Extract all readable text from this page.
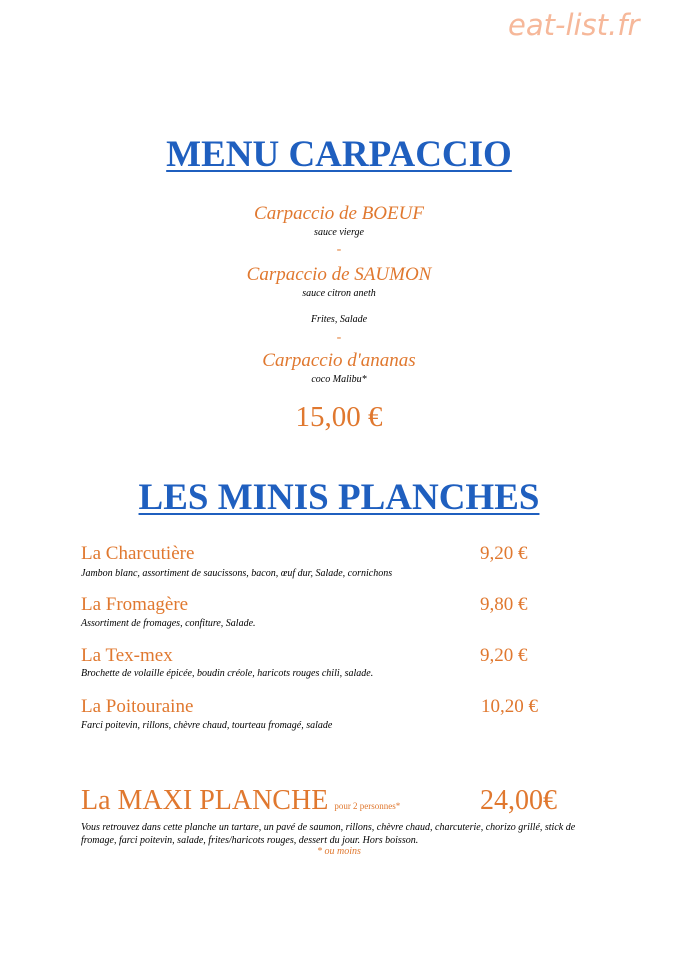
eat-list.fr
MENU CARPACCIO
Carpaccio de BOEUF
sauce vierge
-
Carpaccio de SAUMON
sauce citron aneth
Frites, Salade
-
Carpaccio d'ananas
coco Malibu*
15,00 €
LES MINIS PLANCHES
La Charcutière	9,20 €
Jambon blanc, assortiment de saucissons, bacon, œuf dur, Salade, cornichons
La Fromagère	9,80 €
Assortiment de fromages, confiture, Salade.
La Tex-mex	9,20 €
Brochette de volaille épicée, boudin créole, haricots rouges chili, salade.
La Poitouraine	10,20 €
Farci poitevin, rillons, chèvre chaud, tourteau fromagé, salade
La MAXI PLANCHE pour 2 personnes*	24,00€
Vous retrouvez dans cette planche un tartare, un pavé de saumon, rillons, chèvre chaud, charcuterie, chorizo grillé, stick de fromage, farci poitevin, salade, frites/haricots rouges, dessert du jour. Hors boisson.
* ou moins
